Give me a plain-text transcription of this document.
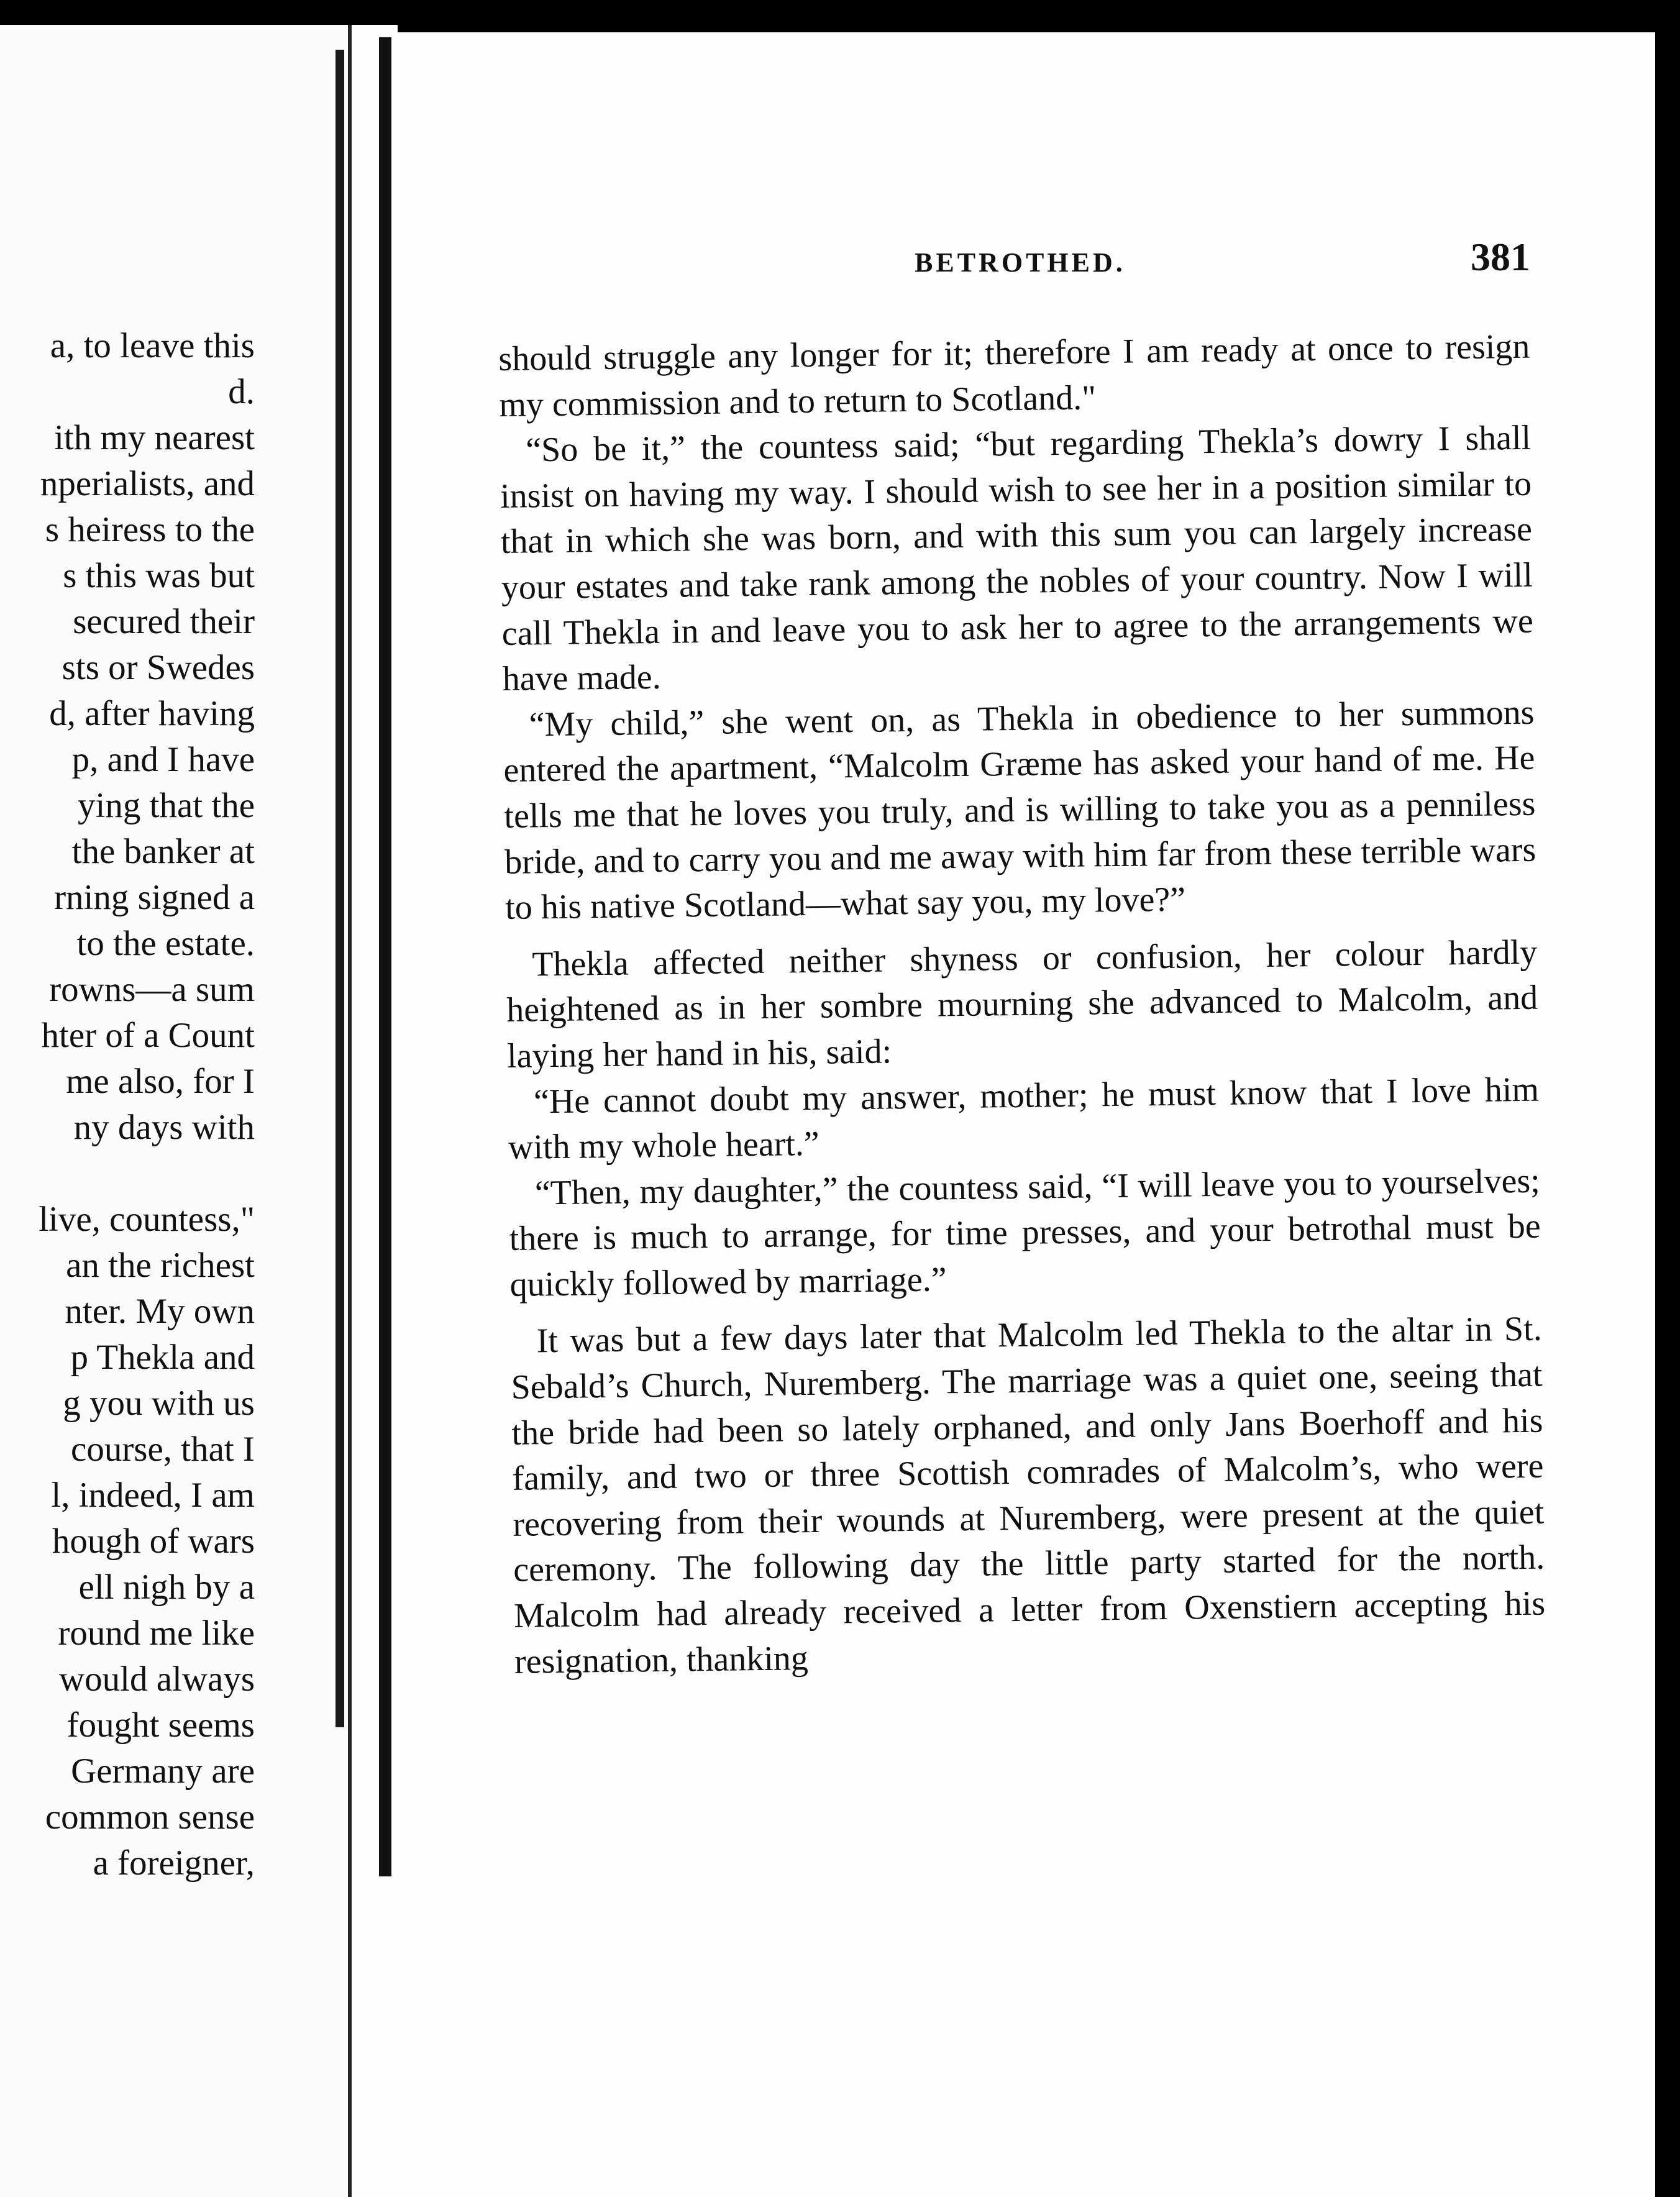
a, to leave this
d.
ith my nearest
nperialists, and
s heiress to the
s this was but
secured their
sts or Swedes
d, after having
p, and I have
ying that the
the banker at
rning signed a
to the estate.
rowns—a sum
hter of a Count
me also, for I
ny days with
live, countess,"
an the richest
nter. My own
p Thekla and
g you with us
course, that I
l, indeed, I am
hough of wars
ell nigh by a
round me like
would always
fought seems
Germany are
common sense
a foreigner,
BETROTHED.	381

should struggle any longer for it; therefore I am ready at once to resign my commission and to return to Scotland."

“So be it,” the countess said; “but regarding Thekla’s dowry I shall insist on having my way. I should wish to see her in a position similar to that in which she was born, and with this sum you can largely increase your estates and take rank among the nobles of your country. Now I will call Thekla in and leave you to ask her to agree to the arrangements we have made.

“My child,” she went on, as Thekla in obedience to her summons entered the apartment, “Malcolm Græme has asked your hand of me. He tells me that he loves you truly, and is willing to take you as a penniless bride, and to carry you and me away with him far from these terrible wars to his native Scotland—what say you, my love?”

Thekla affected neither shyness or confusion, her colour hardly heightened as in her sombre mourning she advanced to Malcolm, and laying her hand in his, said:

“He cannot doubt my answer, mother; he must know that I love him with my whole heart.”

“Then, my daughter,” the countess said, “I will leave you to yourselves; there is much to arrange, for time presses, and your betrothal must be quickly followed by marriage.”

It was but a few days later that Malcolm led Thekla to the altar in St. Sebald’s Church, Nuremberg. The marriage was a quiet one, seeing that the bride had been so lately orphaned, and only Jans Boerhoff and his family, and two or three Scottish comrades of Malcolm’s, who were recovering from their wounds at Nuremberg, were present at the quiet ceremony. The following day the little party started for the north. Malcolm had already received a letter from Oxenstiern accepting his resignation, thanking
